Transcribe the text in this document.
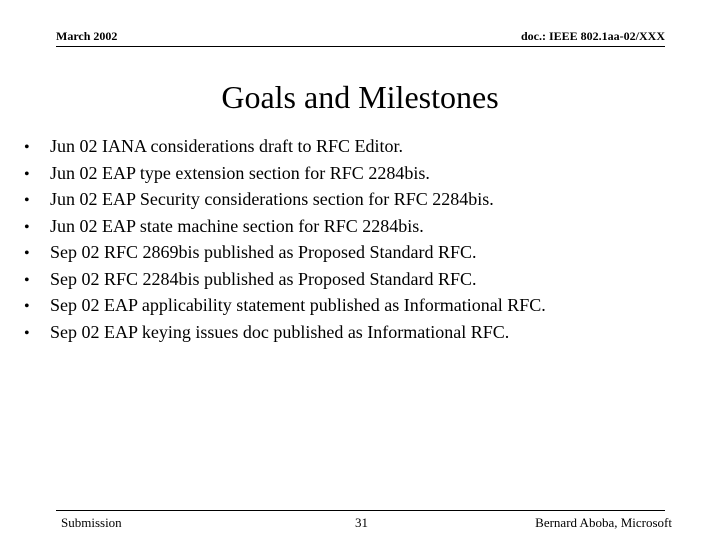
March 2002	doc.: IEEE 802.1aa-02/XXX
Goals and Milestones
• Jun 02 IANA considerations draft to RFC Editor.
• Jun 02 EAP type extension section for RFC 2284bis.
• Jun 02 EAP Security considerations section for RFC 2284bis.
• Jun 02 EAP state machine section for RFC 2284bis.
• Sep 02 RFC 2869bis published as Proposed Standard RFC.
• Sep 02 RFC 2284bis published as Proposed Standard RFC.
• Sep 02 EAP applicability statement published as Informational RFC.
• Sep 02 EAP keying issues doc published as Informational RFC.
Submission	31	Bernard Aboba, Microsoft
